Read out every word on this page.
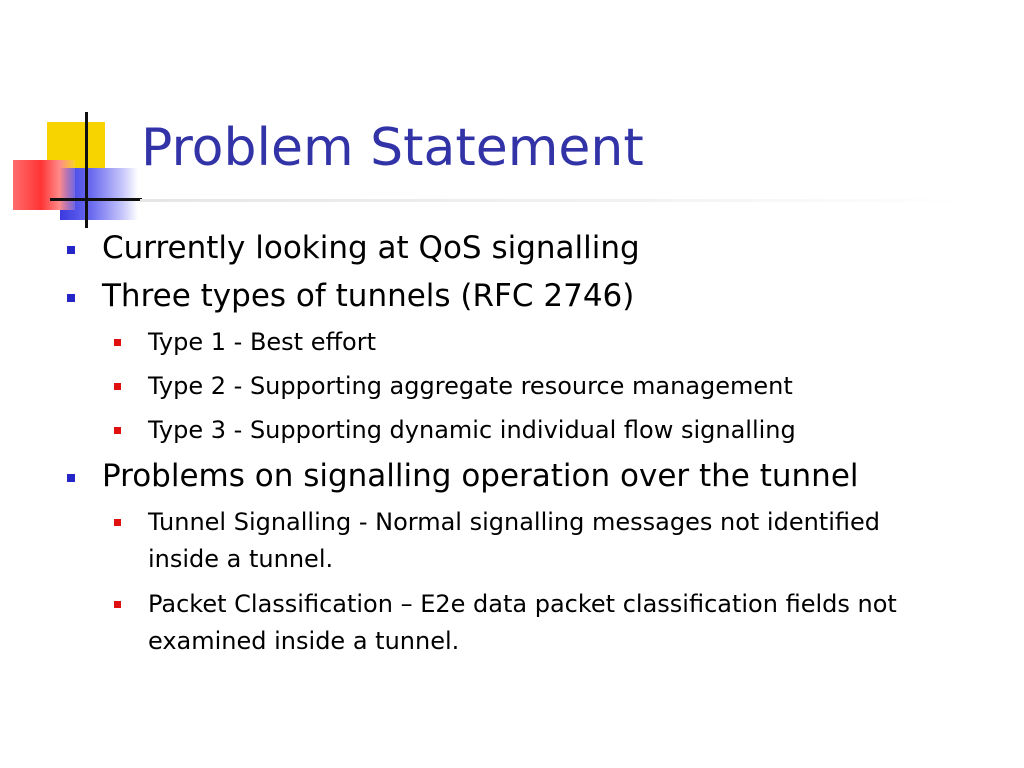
Problem Statement
Currently looking at QoS signalling
Three types of tunnels (RFC 2746)
Type 1 - Best effort
Type 2 - Supporting aggregate resource management
Type 3 - Supporting dynamic individual flow signalling
Problems on signalling operation over the tunnel
Tunnel Signalling - Normal signalling messages not identified inside a tunnel.
Packet Classification – E2e data packet classification fields not examined inside a tunnel.
